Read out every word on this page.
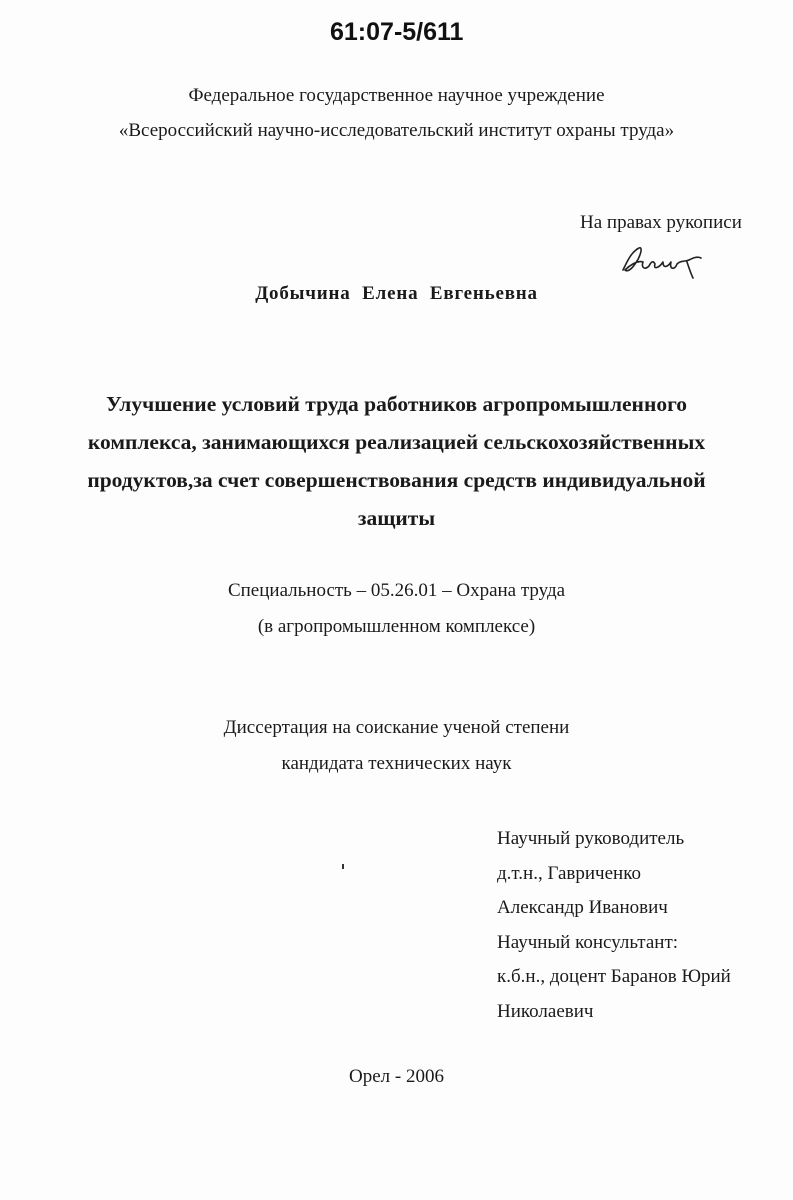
61:07-5/611
Федеральное государственное научное учреждение
«Всероссийский научно-исследовательский институт охраны труда»
На правах рукописи
Добычина Елена Евгеньевна
Улучшение условий труда работников агропромышленного
комплекса, занимающихся реализацией сельскохозяйственных
продуктов,за счет совершенствования средств индивидуальной
защиты
Специальность – 05.26.01 – Охрана труда
(в агропромышленном комплексе)
Диссертация на соискание ученой степени
кандидата технических наук
Научный руководитель
д.т.н., Гавриченко
Александр Иванович
Научный консультант:
к.б.н., доцент Баранов Юрий
Николаевич
Орел - 2006
